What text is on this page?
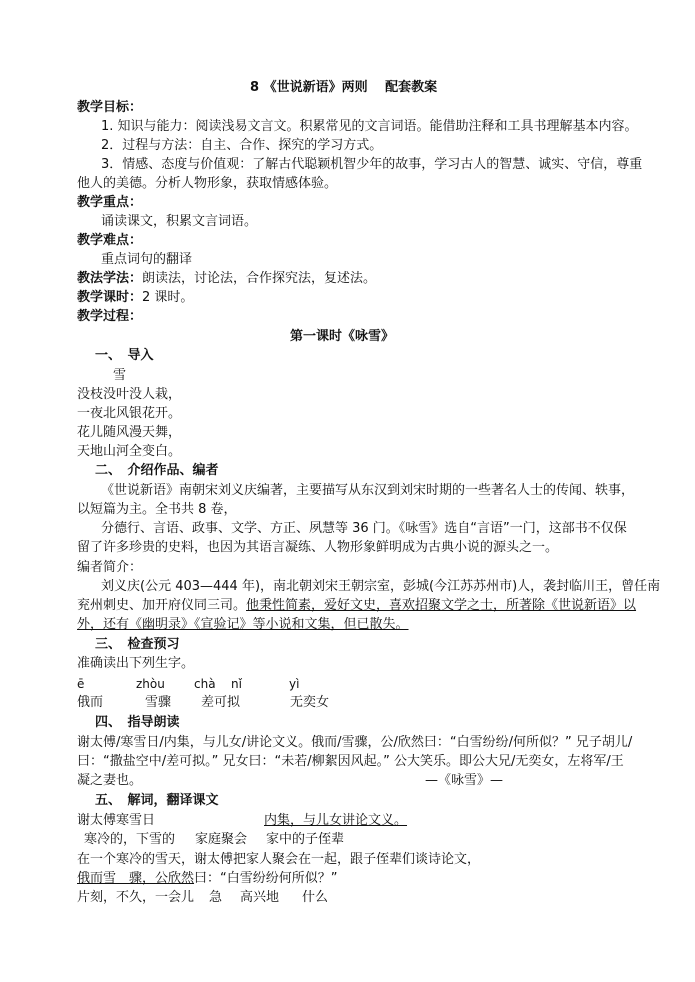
8 《世说新语》两则　 配套教案
教学目标：
1. 知识与能力：阅读浅易文言文。积累常见的文言词语。能借助注释和工具书理解基本内容。
2．过程与方法：自主、合作、探究的学习方式。
3．情感、态度与价值观：了解古代聪颖机智少年的故事，学习古人的智慧、诚实、守信，尊重
他人的美德。分析人物形象，获取情感体验。
教学重点：
诵读课文，积累文言词语。
教学难点：
重点词句的翻译
教法学法：朗读法，讨论法，合作探究法，复述法。
教学课时：2 课时。
教学过程：
第一课时《咏雪》
一、　导入
雪
没枝没叶没人栽，
一夜北风银花开。
花儿随风漫天舞，
天地山河全变白。
二、　介绍作品、编者
《世说新语》南朝宋刘义庆编著，主要描写从东汉到刘宋时期的一些著名人士的传闻、轶事，
以短篇为主。全书共 8 卷，
分德行、言语、政事、文学、方正、夙慧等 36 门。《咏雪》选自“言语”一门，这部书不仅保
留了许多珍贵的史料，也因为其语言凝练、人物形象鲜明成为古典小说的源头之一。
编者简介：
刘义庆(公元 403—444 年)，南北朝刘宋王朝宗室，彭城(今江苏苏州市)人，袭封临川王，曾任南
兖州刺史、加开府仪同三司。他秉性简素，爱好文史，喜欢招聚文学之士，所著除《世说新语》以
外，还有《幽明录》《宣验记》等小说和文集，但已散失。
三、　检查预习
准确读出下列生字。
ē	zhòu chà nǐ	yì
俄而	雪骤 差可拟	无奕女
四、　指导朗读
谢太傅/寒雪日/内集，与儿女/讲论文义。俄而/雪骤，公/欣然曰：“白雪纷纷/何所似？” 兄子胡儿/
曰：“撒盐空中/差可拟。” 兄女曰：“未若/柳絮因风起。” 公大笑乐。即公大兄/无奕女，左将军/王
凝之妻也。	—《咏雪》—
五、　解词，翻译课文
谢太傅寒雪日	内集，与儿女讲论文义。
寒冷的，下雪的 家庭聚会 家中的子侄辈
在一个寒冷的雪天，谢太傅把家人聚会在一起，跟子侄辈们谈诗论文，
俄而雪　骤，公欣然曰：“白雪纷纷何所似？”
片刻，不久，一会儿 急 高兴地 什么
